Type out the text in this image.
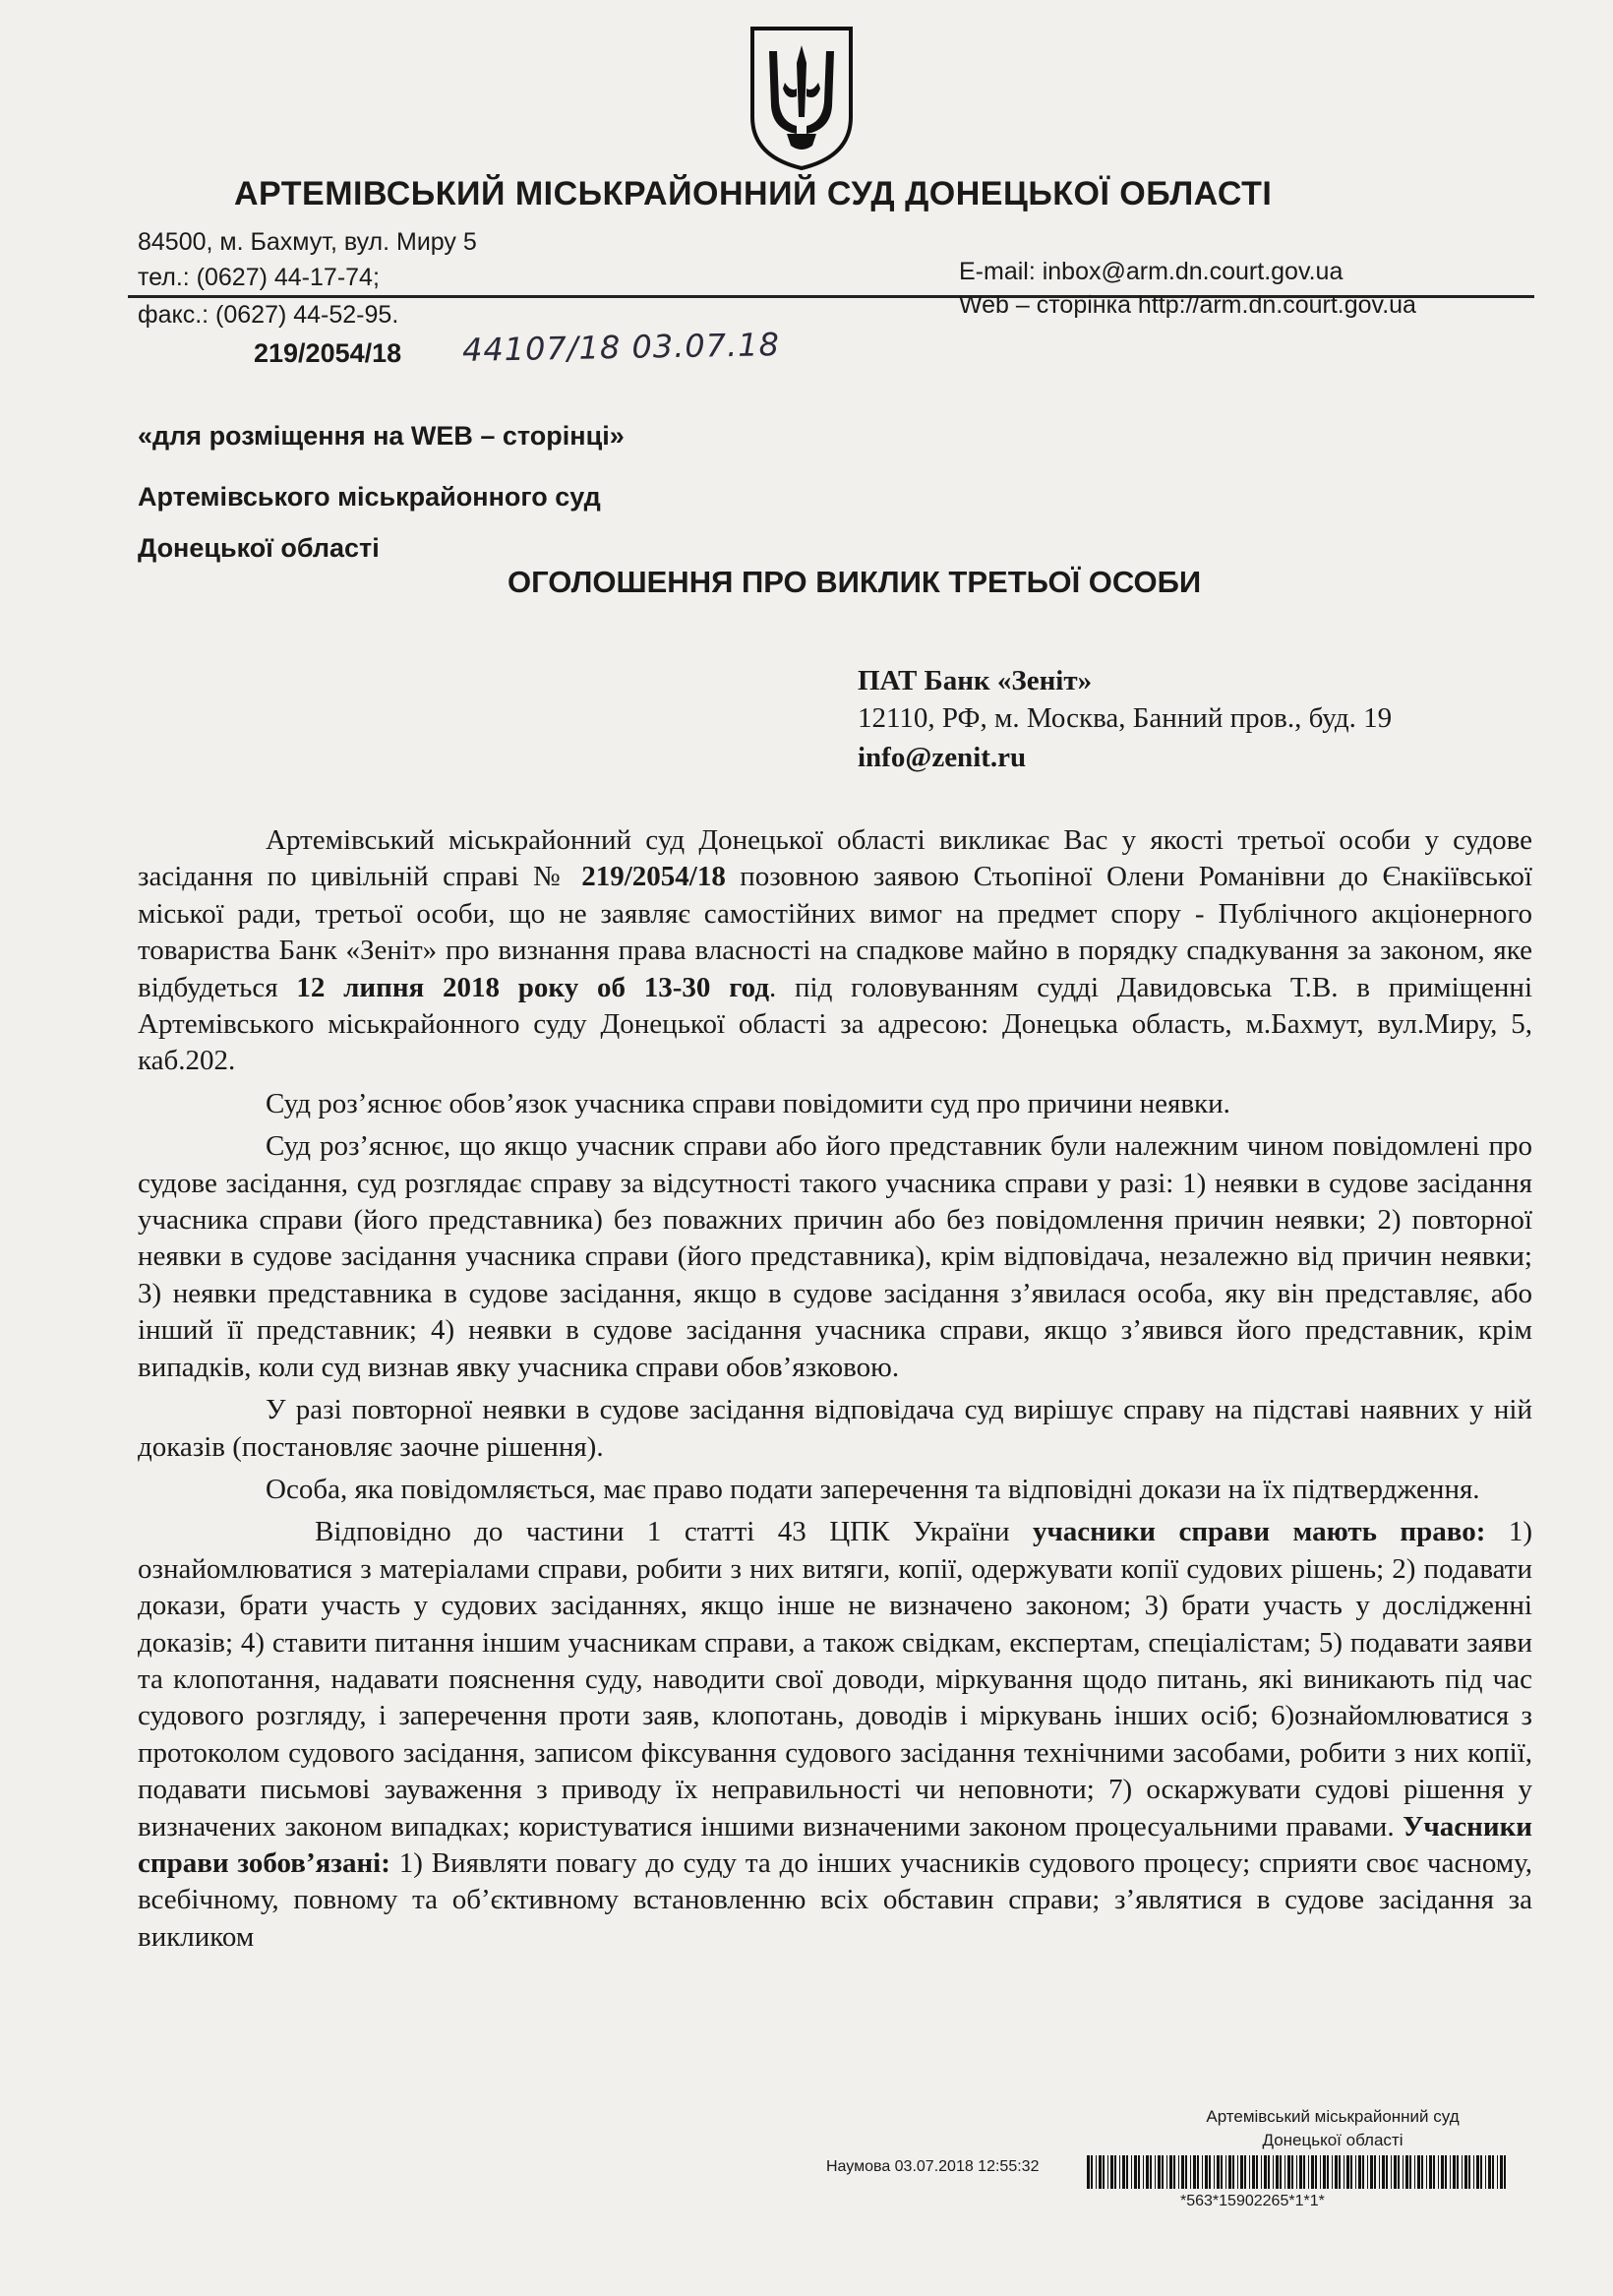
АРТЕМІВСЬКИЙ МІСЬКРАЙОННИЙ СУД ДОНЕЦЬКОЇ ОБЛАСТІ
84500, м. Бахмут, вул. Миру 5
тел.: (0627) 44-17-74;	E-mail: inbox@arm.dn.court.gov.ua
факс.: (0627) 44-52-95.	Web – сторінка http://arm.dn.court.gov.ua
219/2054/18 44107/18 03.07.18
«для розміщення на WEB – сторінці»
Артемівського міськрайонного суд
Донецької області
ОГОЛОШЕННЯ ПРО ВИКЛИК ТРЕТЬОЇ ОСОБИ
ПАТ Банк «Зеніт»
12110, РФ, м. Москва, Банний пров., буд. 19
info@zenit.ru

Артемівський міськрайонний суд Донецької області викликає Вас у якості третьої особи у судове засідання по цивільній справі № 219/2054/18 позовною заявою Стьопіної Олени Романівни до Єнакіївської міської ради, третьої особи, що не заявляє самостійних вимог на предмет спору - Публічного акціонерного товариства Банк «Зеніт» про визнання права власності на спадкове майно в порядку спадкування за законом, яке відбудеться 12 липня 2018 року об 13-30 год. під головуванням судді Давидовська Т.В. в приміщенні Артемівського міськрайонного суду Донецької області за адресою: Донецька область, м.Бахмут, вул.Миру, 5, каб.202.

Суд роз’яснює обов’язок учасника справи повідомити суд про причини неявки.

Суд роз’яснює, що якщо учасник справи або його представник були належним чином повідомлені про судове засідання, суд розглядає справу за відсутності такого учасника справи у разі: 1) неявки в судове засідання учасника справи (його представника) без поважних причин або без повідомлення причин неявки; 2) повторної неявки в судове засідання учасника справи (його представника), крім відповідача, незалежно від причин неявки; 3) неявки представника в судове засідання, якщо в судове засідання з’явилася особа, яку він представляє, або інший її представник; 4) неявки в судове засідання учасника справи, якщо з’явився його представник, крім випадків, коли суд визнав явку учасника справи обов’язковою.

У разі повторної неявки в судове засідання відповідача суд вирішує справу на підставі наявних у ній доказів (постановляє заочне рішення).

Особа, яка повідомляється, має право подати заперечення та відповідні докази на їх підтвердження.

Відповідно до частини 1 статті 43 ЦПК України учасники справи мають право: 1) ознайомлюватися з матеріалами справи, робити з них витяги, копії, одержувати копії судових рішень; 2) подавати докази, брати участь у судових засіданнях, якщо інше не визначено законом; 3) брати участь у дослідженні доказів; 4) ставити питання іншим учасникам справи, а також свідкам, експертам, спеціалістам; 5) подавати заяви та клопотання, надавати пояснення суду, наводити свої доводи, міркування щодо питань, які виникають під час судового розгляду, і заперечення проти заяв, клопотань, доводів і міркувань інших осіб; 6)ознайомлюватися з протоколом судового засідання, записом фіксування судового засідання технічними засобами, робити з них копії, подавати письмові зауваження з приводу їх неправильності чи неповноти; 7) оскаржувати судові рішення у визначених законом випадках; користуватися іншими визначеними законом процесуальними правами. Учасники справи зобов’язані: 1) Виявляти повагу до суду та до інших учасників судового процесу; сприяти своє часному, всебічному, повному та об’єктивному встановленню всіх обставин справи; з’являтися в судове засідання за викликом

Артемівський міськрайонний суд
Донецької області
Наумова 03.07.2018 12:55:32
*563*15902265*1*1*
